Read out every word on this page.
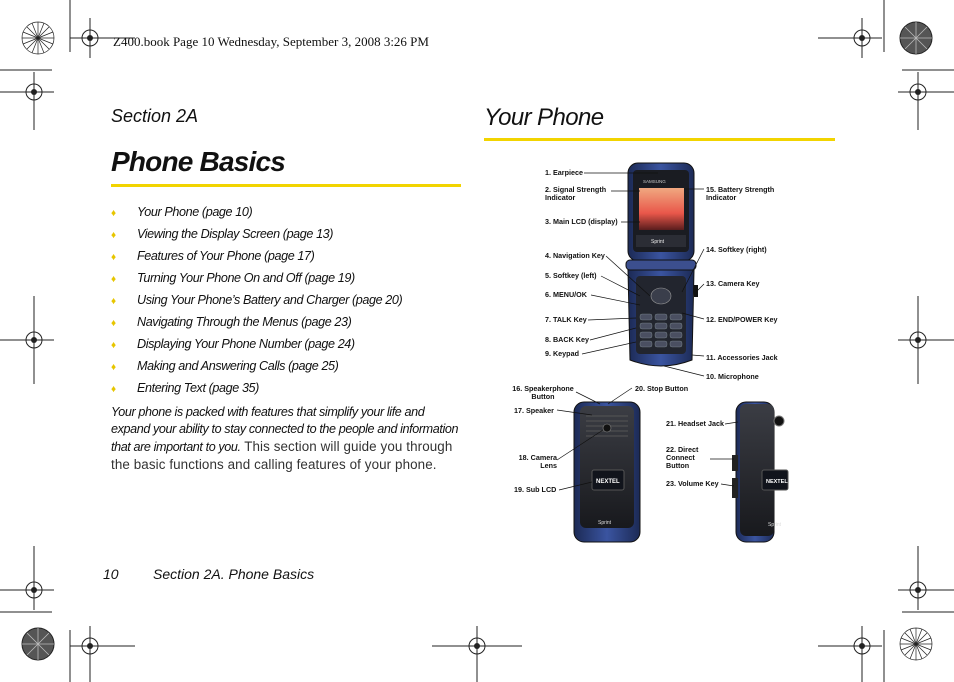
Z400.book Page 10 Wednesday, September 3, 2008 3:26 PM
Section 2A
Phone Basics
♦ Your Phone (page 10)
♦ Viewing the Display Screen (page 13)
♦ Features of Your Phone (page 17)
♦ Turning Your Phone On and Off (page 19)
♦ Using Your Phone’s Battery and Charger (page 20)
♦ Navigating Through the Menus (page 23)
♦ Displaying Your Phone Number (page 24)
♦ Making and Answering Calls (page 25)
♦ Entering Text (page 35)
Your phone is packed with features that simplify your life and expand your ability to stay connected to the people and information that are important to you. This section will guide you through the basic functions and calling features of your phone.
Your Phone
SAMSUNG
Sprint
NEXTEL	NEXTEL
Sprint	Sprint
1. Earpiece
2. Signal Strength
Indicator
3. Main LCD (display)
4. Navigation Key
5. Softkey (left)
6. MENU/OK
7. TALK Key
8. BACK Key
9. Keypad
15. Battery Strength
Indicator
14. Softkey (right)
13. Camera Key
12. END/POWER Key
11. Accessories Jack
10. Microphone
16. Speakerphone
Button
17. Speaker
20. Stop Button
18. Camera
Lens
19. Sub LCD
21. Headset Jack
22. Direct
Connect
Button
23. Volume Key
10 Section 2A. Phone Basics
